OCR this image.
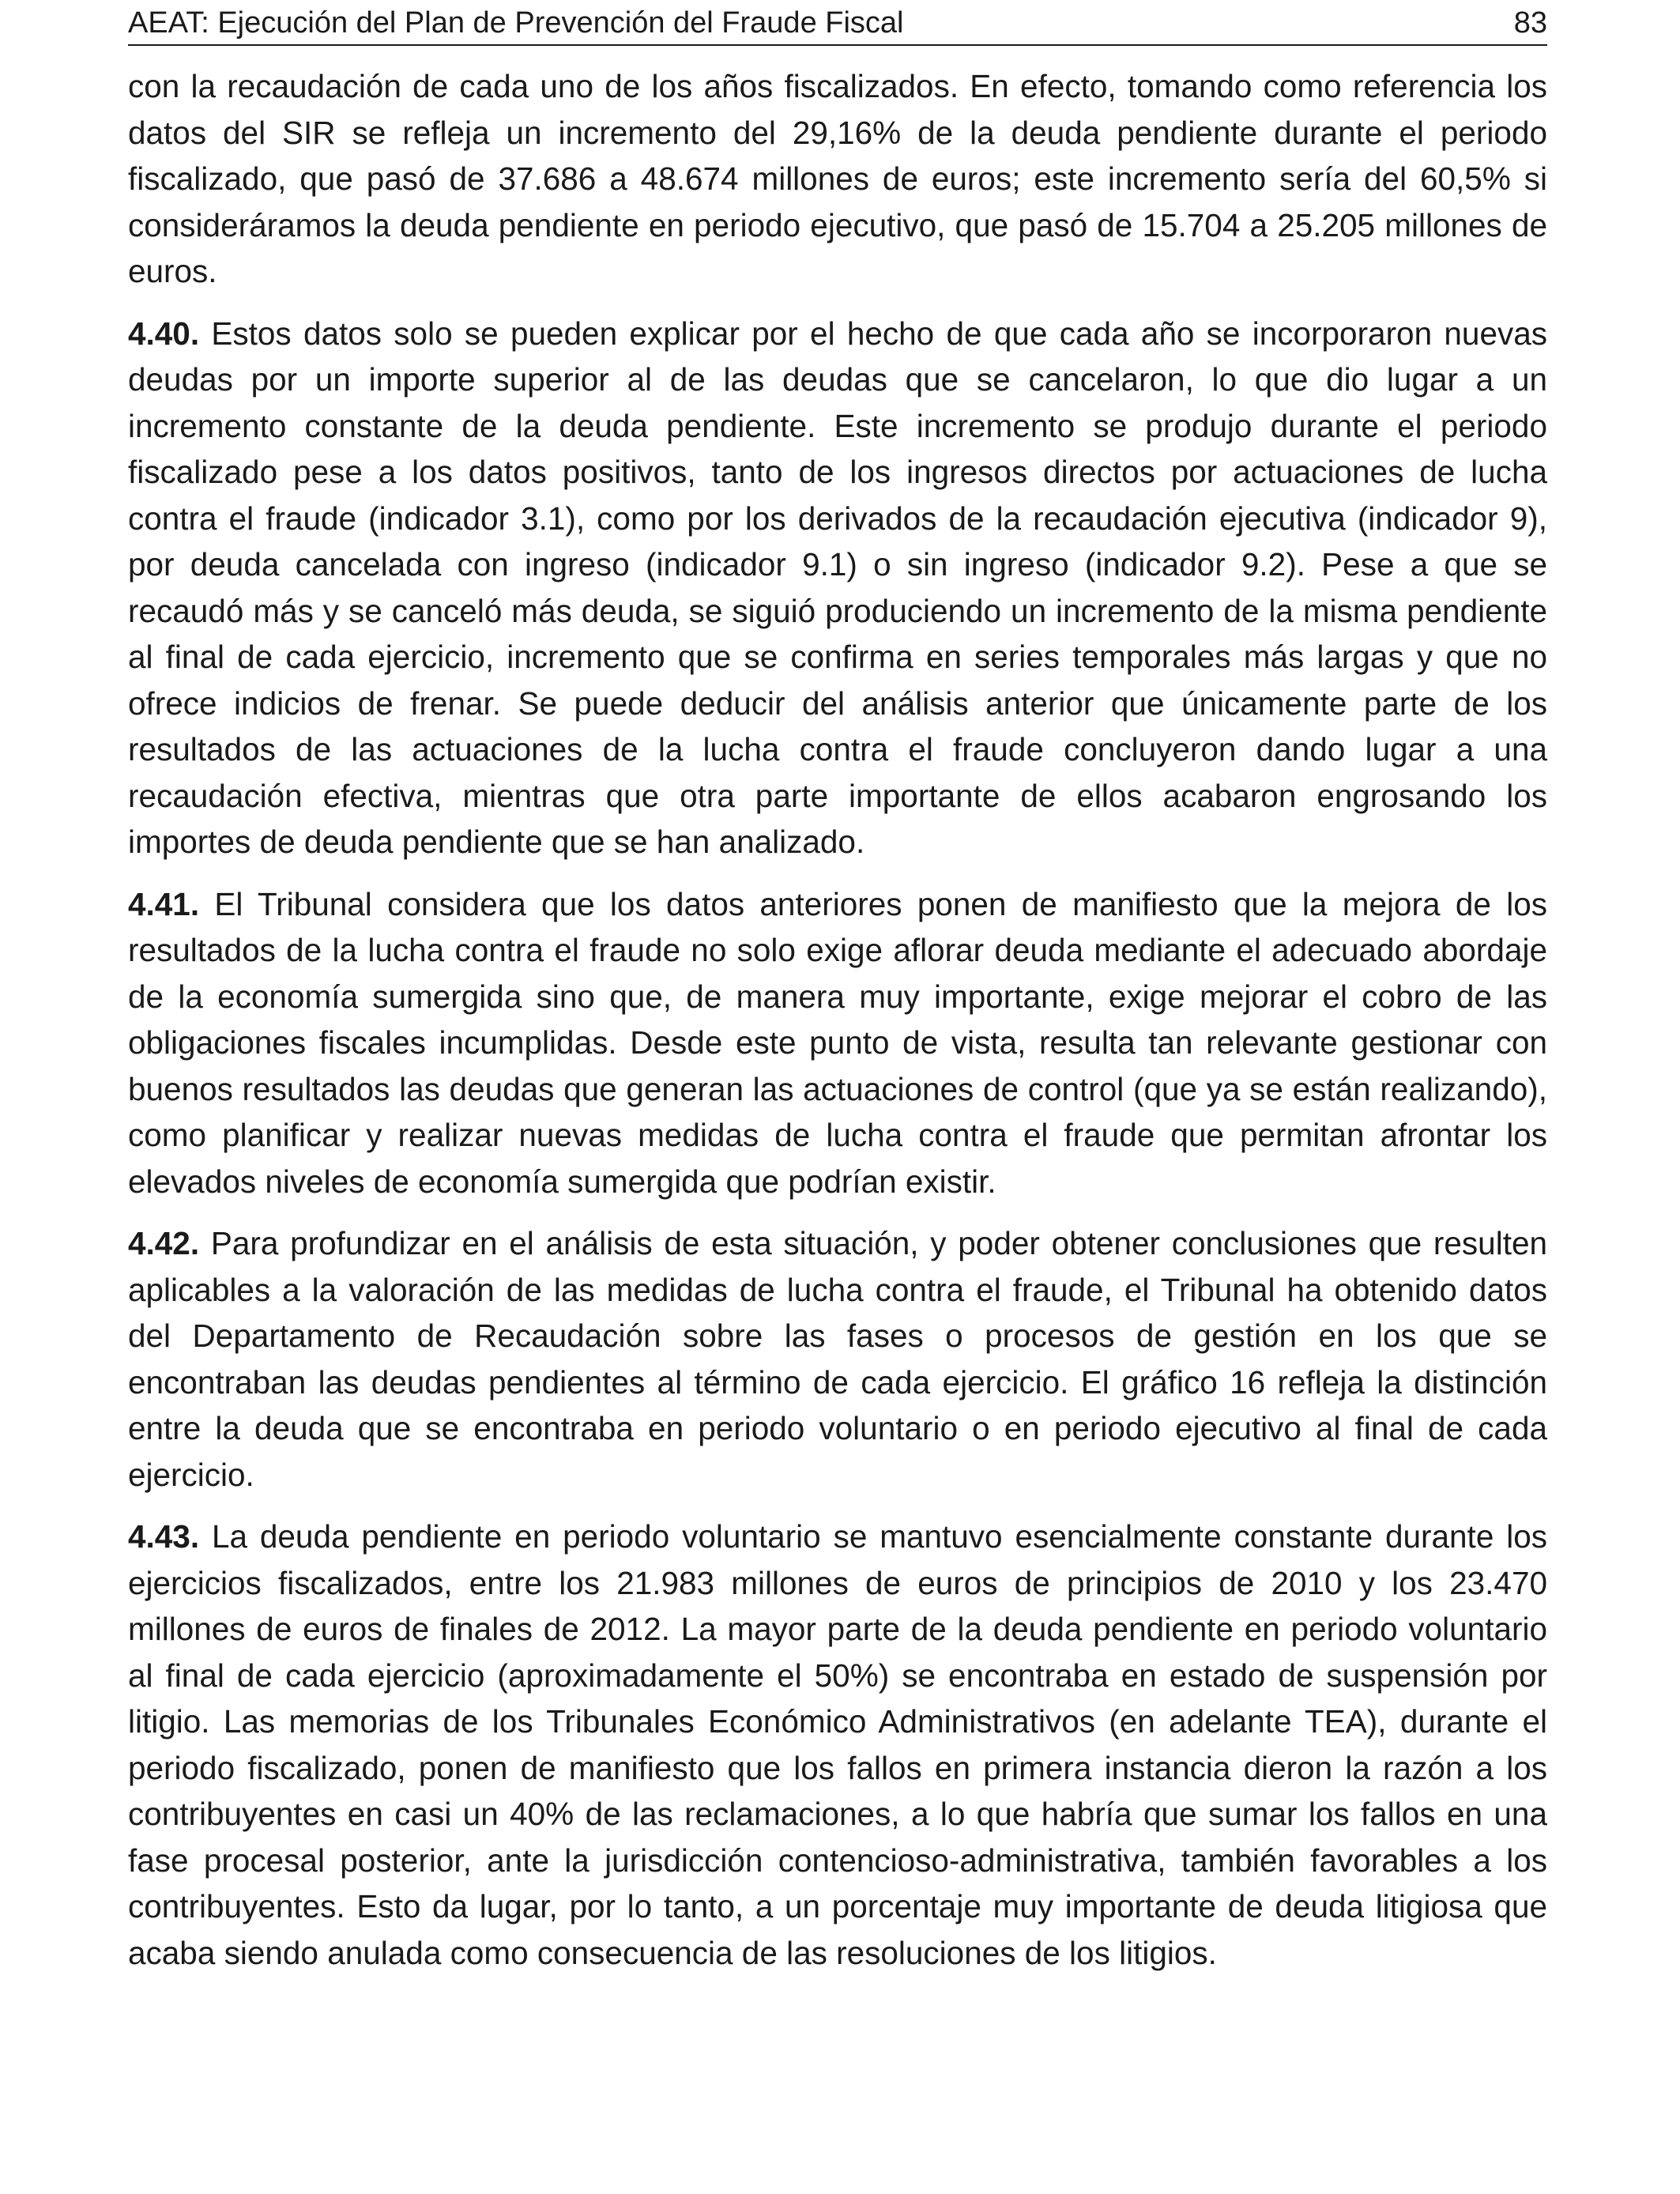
AEAT: Ejecución del Plan de Prevención del Fraude Fiscal	83

con la recaudación de cada uno de los años fiscalizados. En efecto, tomando como referencia los datos del SIR se refleja un incremento del 29,16% de la deuda pendiente durante el periodo fiscalizado, que pasó de 37.686 a 48.674 millones de euros; este incremento sería del 60,5% si consideráramos la deuda pendiente en periodo ejecutivo, que pasó de 15.704 a 25.205 millones de euros.

4.40. Estos datos solo se pueden explicar por el hecho de que cada año se incorporaron nuevas deudas por un importe superior al de las deudas que se cancelaron, lo que dio lugar a un incremento constante de la deuda pendiente. Este incremento se produjo durante el periodo fiscalizado pese a los datos positivos, tanto de los ingresos directos por actuaciones de lucha contra el fraude (indicador 3.1), como por los derivados de la recaudación ejecutiva (indicador 9), por deuda cancelada con ingreso (indicador 9.1) o sin ingreso (indicador 9.2). Pese a que se recaudó más y se canceló más deuda, se siguió produciendo un incremento de la misma pendiente al final de cada ejercicio, incremento que se confirma en series temporales más largas y que no ofrece indicios de frenar. Se puede deducir del análisis anterior que únicamente parte de los resultados de las actuaciones de la lucha contra el fraude concluyeron dando lugar a una recaudación efectiva, mientras que otra parte importante de ellos acabaron engrosando los importes de deuda pendiente que se han analizado.

4.41. El Tribunal considera que los datos anteriores ponen de manifiesto que la mejora de los resultados de la lucha contra el fraude no solo exige aflorar deuda mediante el adecuado abordaje de la economía sumergida sino que, de manera muy importante, exige mejorar el cobro de las obligaciones fiscales incumplidas. Desde este punto de vista, resulta tan relevante gestionar con buenos resultados las deudas que generan las actuaciones de control (que ya se están realizando), como planificar y realizar nuevas medidas de lucha contra el fraude que permitan afrontar los elevados niveles de economía sumergida que podrían existir.

4.42. Para profundizar en el análisis de esta situación, y poder obtener conclusiones que resulten aplicables a la valoración de las medidas de lucha contra el fraude, el Tribunal ha obtenido datos del Departamento de Recaudación sobre las fases o procesos de gestión en los que se encontraban las deudas pendientes al término de cada ejercicio. El gráfico 16 refleja la distinción entre la deuda que se encontraba en periodo voluntario o en periodo ejecutivo al final de cada ejercicio.

4.43. La deuda pendiente en periodo voluntario se mantuvo esencialmente constante durante los ejercicios fiscalizados, entre los 21.983 millones de euros de principios de 2010 y los 23.470 millones de euros de finales de 2012. La mayor parte de la deuda pendiente en periodo voluntario al final de cada ejercicio (aproximadamente el 50%) se encontraba en estado de suspensión por litigio. Las memorias de los Tribunales Económico Administrativos (en adelante TEA), durante el periodo fiscalizado, ponen de manifiesto que los fallos en primera instancia dieron la razón a los contribuyentes en casi un 40% de las reclamaciones, a lo que habría que sumar los fallos en una fase procesal posterior, ante la jurisdicción contencioso-administrativa, también favorables a los contribuyentes. Esto da lugar, por lo tanto, a un porcentaje muy importante de deuda litigiosa que acaba siendo anulada como consecuencia de las resoluciones de los litigios.
